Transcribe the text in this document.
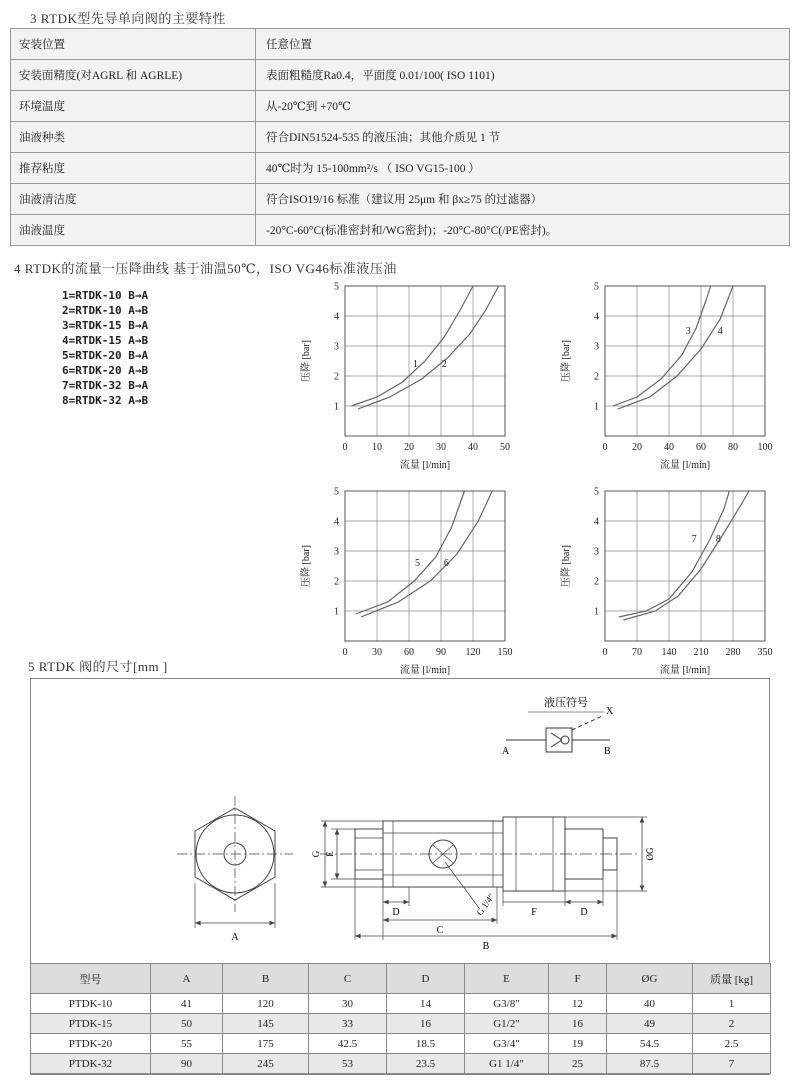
3 RTDK型先导单向阀的主要特性
安装位置	任意位置
安装面精度(对AGRL 和 AGRLE)	表面粗糙度Ra0.4，平面度 0.01/100( ISO 1101)
环境温度	从-20℃到 +70℃
油液种类	符合DIN51524-535 的液压油；其他介质见 1 节
推荐粘度	40℃时为 15-100mm²/s （ ISO VG15-100 ）
油液清洁度	符合ISO19/16 标准（建议用 25μm 和 βx≥75 的过滤器）
油液温度	-20°C-60°C(标准密封和/WG密封)；-20°C-80°C(/PE密封)。
4 RTDK的流量一压降曲线 基于油温50℃，ISO VG46标准液压油
1=RTDK-10 B→A
2=RTDK-10 A→B
3=RTDK-15 B→A
4=RTDK-15 A→B
5=RTDK-20 B→A
6=RTDK-20 A→B
7=RTDK-32 B→A
8=RTDK-32 A→B
0 10 20 30 40 50
1
2
3
4
5
1 2
压降 [bar]
流量 [l/min]
0 20 40 60 80 100
1
2
3
4
5
3	4
压降 [bar]
流量 [l/min]
0 30 60 90 120 150
1
2
3
4
5
5 6
压降 [bar]
流量 [l/min]
0 70 140 210 280 350
1
2
3
4
5
7 8
压降 [bar]
流量 [l/min]
5 RTDK 阀的尺寸[mm ]
液压符号
X
A	B
A
E
G	ØG
D
C
B
D
F
G 1/4″
型号	A	B	C	D	E	F	ØG	质量 [kg]
PTDK-10	41	120	30	14	G3/8″	12	40	1
PTDK-15	50	145	33	16	G1/2″	16	49	2
PTDK-20	55	175	42.5	18.5	G3/4″	19	54.5	2.5
PTDK-32	90	245	53	23.5	G1 1/4″	25	87.5	7
